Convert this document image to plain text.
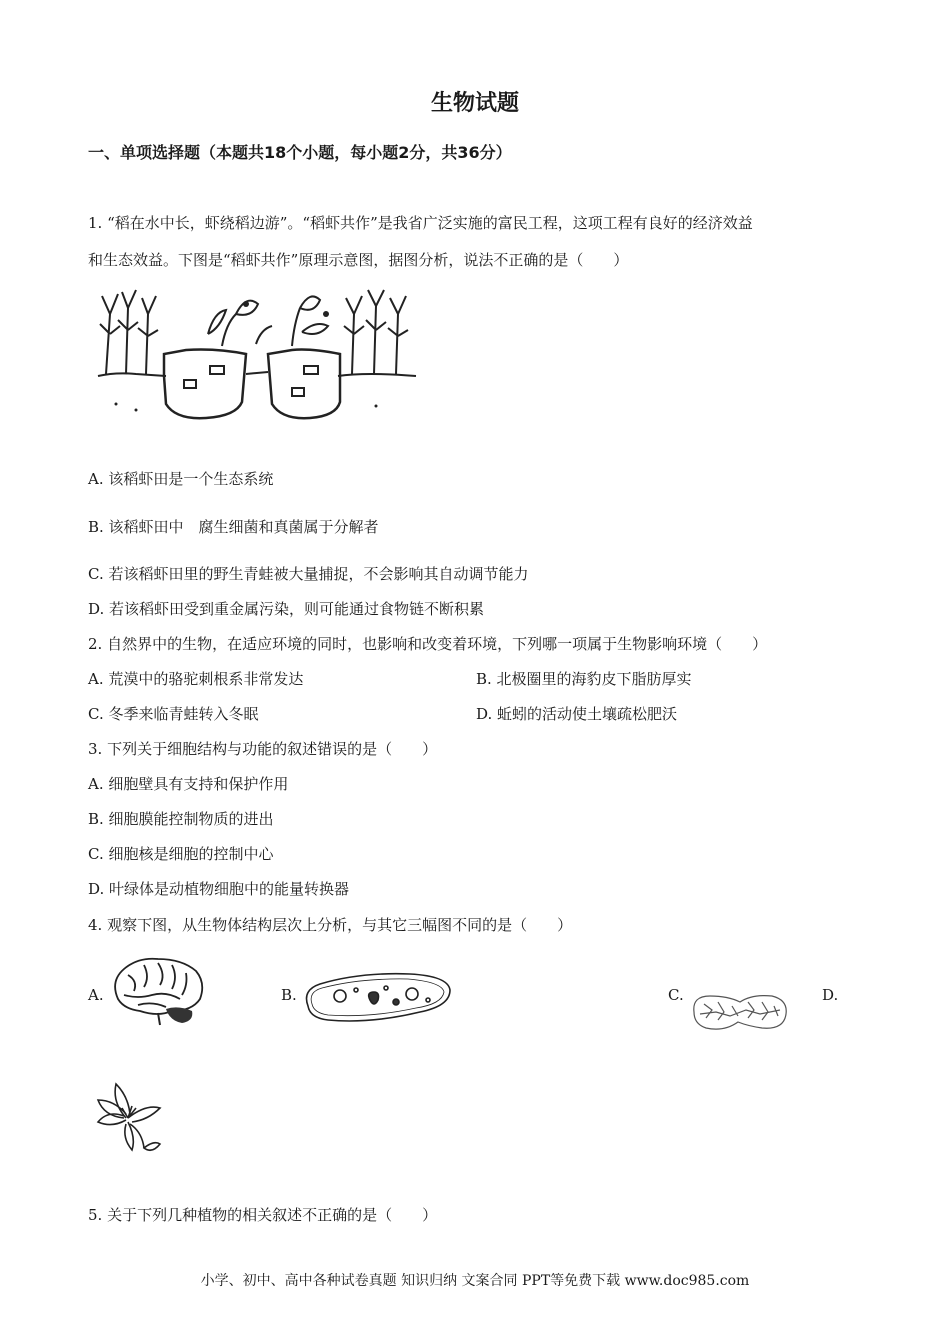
生物试题
一、单项选择题（本题共18个小题，每小题2分，共36分）
1. “稻在水中长，虾绕稻边游”。“稻虾共作”是我省广泛实施的富民工程，这项工程有良好的经济效益
和生态效益。下图是“稻虾共作”原理示意图，据图分析，说法不正确的是（　　）
A. 该稻虾田是一个生态系统
B. 该稻虾田中　腐生细菌和真菌属于分解者
C. 若该稻虾田里的野生青蛙被大量捕捉，不会影响其自动调节能力
D. 若该稻虾田受到重金属污染，则可能通过食物链不断积累
2. 自然界中的生物，在适应环境的同时，也影响和改变着环境，下列哪一项属于生物影响环境（　　）
A. 荒漠中的骆驼刺根系非常发达	B. 北极圈里的海豹皮下脂肪厚实
C. 冬季来临青蛙转入冬眠	D. 蚯蚓的活动使土壤疏松肥沃
3. 下列关于细胞结构与功能的叙述错误的是（　　）
A. 细胞壁具有支持和保护作用
B. 细胞膜能控制物质的进出
C. 细胞核是细胞的控制中心
D. 叶绿体是动植物细胞中的能量转换器
4. 观察下图，从生物体结构层次上分析，与其它三幅图不同的是（　　）
A.	B.	C.	D.
5. 关于下列几种植物的相关叙述不正确的是（　　）
小学、初中、高中各种试卷真题 知识归纳 文案合同 PPT等免费下载 www.doc985.com
